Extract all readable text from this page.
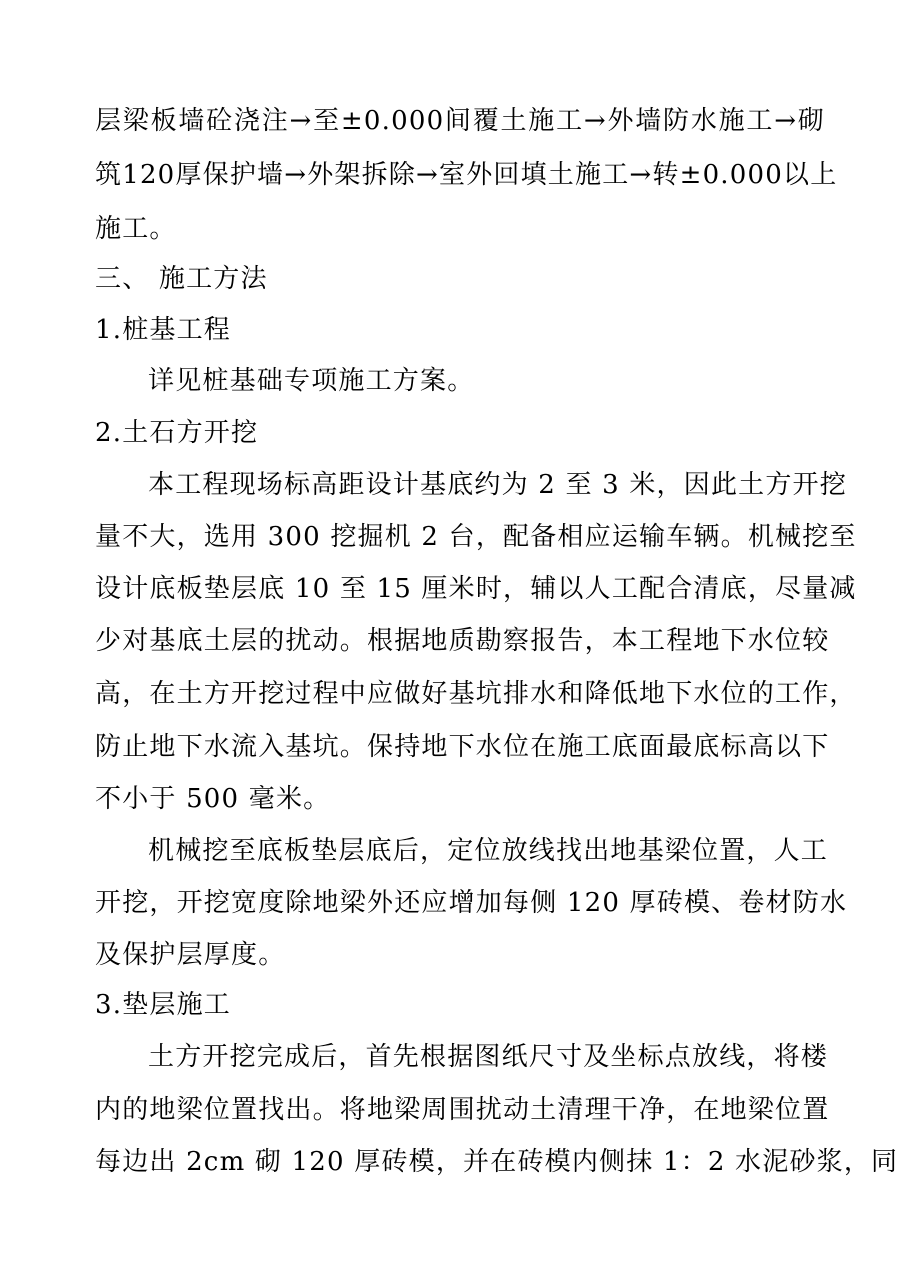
层梁板墙砼浇注→至±0.000间覆土施工→外墙防水施工→砌
筑120厚保护墙→外架拆除→室外回填土施工→转±0.000以上
施工。
三、 施工方法
1.桩基工程
详见桩基础专项施工方案。
2.土石方开挖
本工程现场标高距设计基底约为 2 至 3 米，因此土方开挖
量不大，选用 300 挖掘机 2 台，配备相应运输车辆。机械挖至
设计底板垫层底 10 至 15 厘米时，辅以人工配合清底，尽量减
少对基底土层的扰动。根据地质勘察报告，本工程地下水位较
高，在土方开挖过程中应做好基坑排水和降低地下水位的工作，
防止地下水流入基坑。保持地下水位在施工底面最底标高以下
不小于 500 毫米。
机械挖至底板垫层底后，定位放线找出地基梁位置，人工
开挖，开挖宽度除地梁外还应增加每侧 120 厚砖模、卷材防水
及保护层厚度。
3.垫层施工
土方开挖完成后，首先根据图纸尺寸及坐标点放线，将楼
内的地梁位置找出。将地梁周围扰动土清理干净，在地梁位置
每边出 2cm 砌 120 厚砖模，并在砖模内侧抹 1：2 水泥砂浆，同
